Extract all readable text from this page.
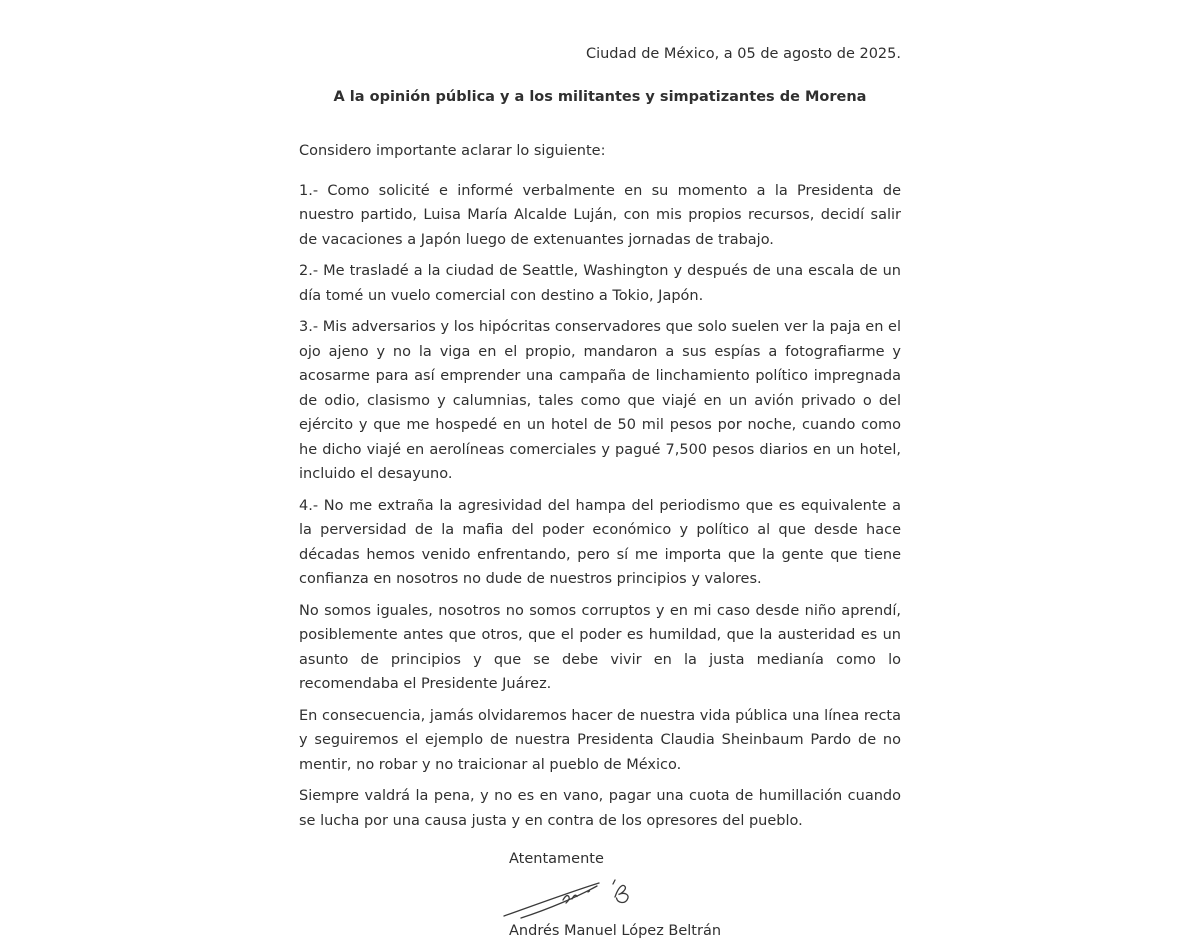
Ciudad de México, a 05 de agosto de 2025.
A la opinión pública y a los militantes y simpatizantes de Morena

Considero importante aclarar lo siguiente:

1.- Como solicité e informé verbalmente en su momento a la Presidenta de nuestro partido, Luisa María Alcalde Luján, con mis propios recursos, decidí salir de vacaciones a Japón luego de extenuantes jornadas de trabajo.

2.- Me trasladé a la ciudad de Seattle, Washington y después de una escala de un día tomé un vuelo comercial con destino a Tokio, Japón.

3.- Mis adversarios y los hipócritas conservadores que solo suelen ver la paja en el ojo ajeno y no la viga en el propio, mandaron a sus espías a fotografiarme y acosarme para así emprender una campaña de linchamiento político impregnada de odio, clasismo y calumnias, tales como que viajé en un avión privado o del ejército y que me hospedé en un hotel de 50 mil pesos por noche, cuando como he dicho viajé en aerolíneas comerciales y pagué 7,500 pesos diarios en un hotel, incluido el desayuno.

4.- No me extraña la agresividad del hampa del periodismo que es equivalente a la perversidad de la mafia del poder económico y político al que desde hace décadas hemos venido enfrentando, pero sí me importa que la gente que tiene confianza en nosotros no dude de nuestros principios y valores.

No somos iguales, nosotros no somos corruptos y en mi caso desde niño aprendí, posiblemente antes que otros, que el poder es humildad, que la austeridad es un asunto de principios y que se debe vivir en la justa medianía como lo recomendaba el Presidente Juárez.

En consecuencia, jamás olvidaremos hacer de nuestra vida pública una línea recta y seguiremos el ejemplo de nuestra Presidenta Claudia Sheinbaum Pardo de no mentir, no robar y no traicionar al pueblo de México.

Siempre valdrá la pena, y no es en vano, pagar una cuota de humillación cuando se lucha por una causa justa y en contra de los opresores del pueblo.

Atentamente
Andrés Manuel López Beltrán
